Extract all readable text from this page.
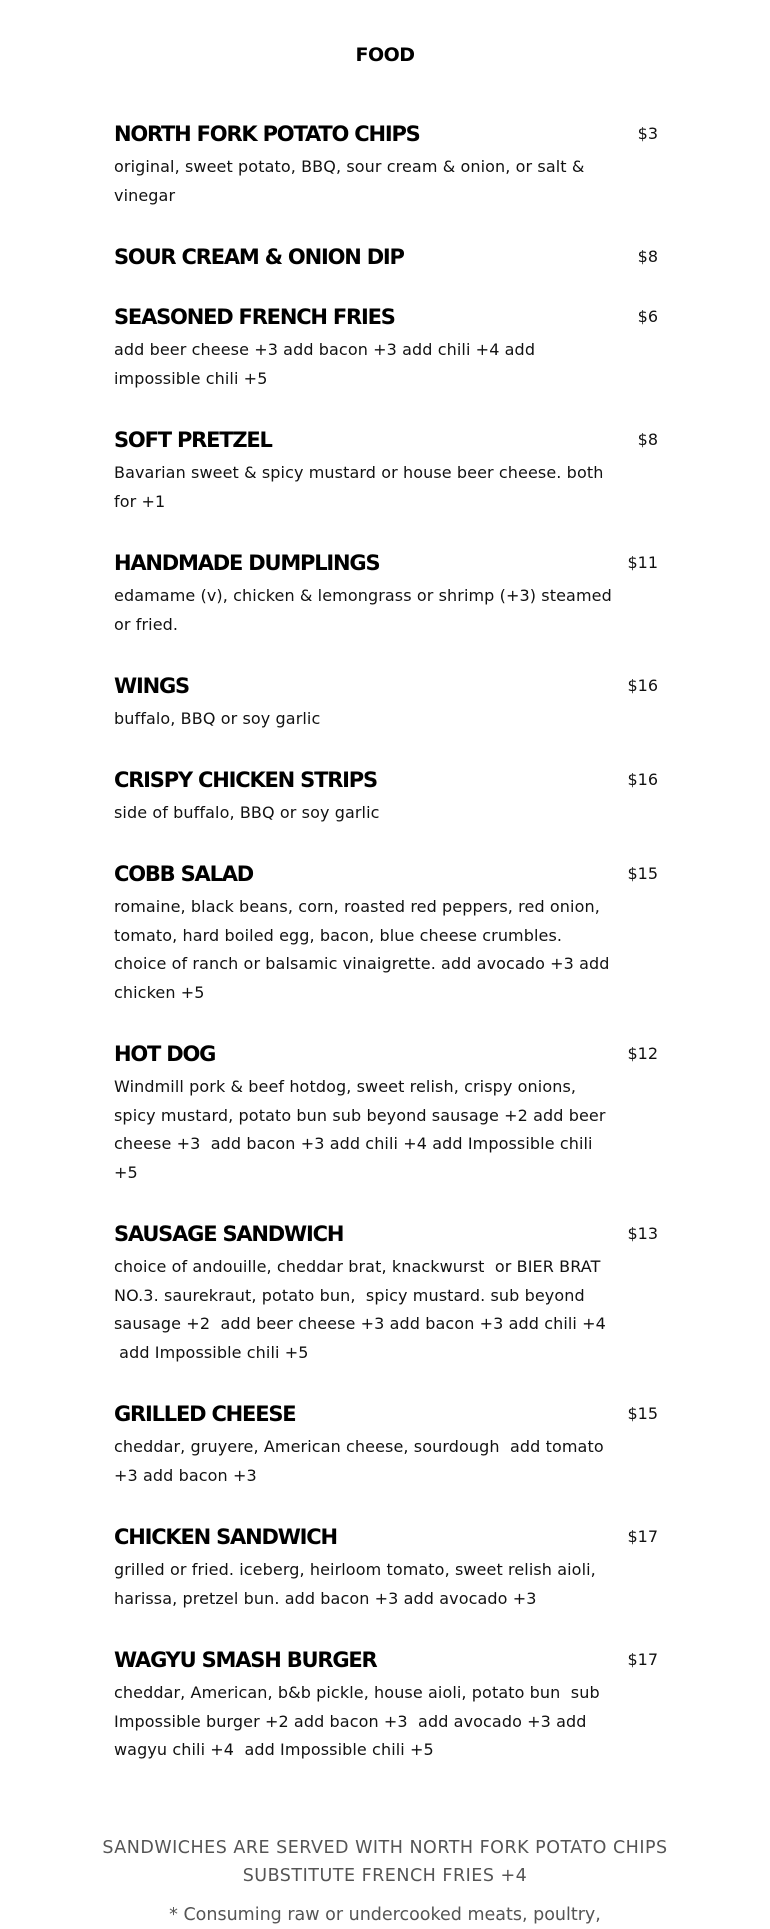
FOOD
NORTH FORK POTATO CHIPS	$3
original, sweet potato, BBQ, sour cream & onion, or salt & vinegar
SOUR CREAM & ONION DIP	$8
SEASONED FRENCH FRIES	$6
add beer cheese +3 add bacon +3 add chili +4 add impossible chili +5
SOFT PRETZEL	$8
Bavarian sweet & spicy mustard or house beer cheese. both for +1
HANDMADE DUMPLINGS	$11
edamame (v), chicken & lemongrass or shrimp (+3) steamed or fried.
WINGS	$16
buffalo, BBQ or soy garlic
CRISPY CHICKEN STRIPS	$16
side of buffalo, BBQ or soy garlic
COBB SALAD	$15
romaine, black beans, corn, roasted red peppers, red onion, tomato, hard boiled egg, bacon, blue cheese crumbles. choice of ranch or balsamic vinaigrette. add avocado +3 add chicken +5
HOT DOG	$12
Windmill pork & beef hotdog, sweet relish, crispy onions, spicy mustard, potato bun sub beyond sausage +2 add beer cheese +3  add bacon +3 add chili +4 add Impossible chili +5
SAUSAGE SANDWICH	$13
choice of andouille, cheddar brat, knackwurst  or BIER BRAT NO.3. saurekraut, potato bun,  spicy mustard. sub beyond sausage +2  add beer cheese +3 add bacon +3 add chili +4  add Impossible chili +5
GRILLED CHEESE	$15
cheddar, gruyere, American cheese, sourdough  add tomato +3 add bacon +3
CHICKEN SANDWICH	$17
grilled or fried. iceberg, heirloom tomato, sweet relish aioli, harissa, pretzel bun. add bacon +3 add avocado +3 
WAGYU SMASH BURGER	$17
cheddar, American, b&b pickle, house aioli, potato bun  sub Impossible burger +2 add bacon +3  add avocado +3 add wagyu chili +4  add Impossible chili +5
SANDWICHES ARE SERVED WITH NORTH FORK POTATO CHIPS SUBSTITUTE FRENCH FRIES +4
* Consuming raw or undercooked meats, poultry,
